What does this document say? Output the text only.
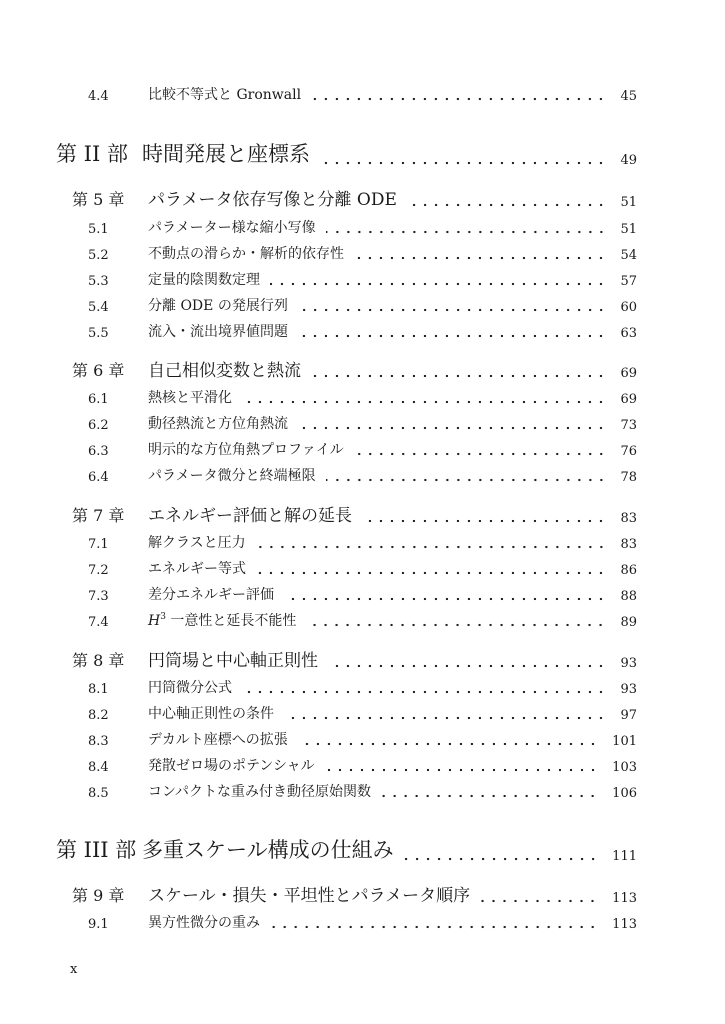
4.4	比較不等式と Gronwall	45
第 II 部 時間発展と座標系	49
第 5 章 パラメータ依存写像と分離 ODE	51
5.1	パラメーター様な縮小写像	51
5.2	不動点の滑らか・解析的依存性	54
5.3	定量的陰関数定理	57
5.4	分離 ODE の発展行列	60
5.5	流入・流出境界値問題	63
第 6 章 自己相似変数と熱流	69
6.1	熱核と平滑化	69
6.2	動径熱流と方位角熱流	73
6.3	明示的な方位角熱プロファイル	76
6.4	パラメータ微分と終端極限	78
第 7 章 エネルギー評価と解の延長	83
7.1	解クラスと圧力	83
7.2	エネルギー等式	86
7.3	差分エネルギー評価	88
7.4	$H^3$ 一意性と延長不能性	89
第 8 章 円筒場と中心軸正則性	93
8.1	円筒微分公式	93
8.2	中心軸正則性の条件	97
8.3	デカルト座標への拡張	101
8.4	発散ゼロ場のポテンシャル	103
8.5	コンパクトな重み付き動径原始関数	106
第 III 部 多重スケール構成の仕組み	111
第 9 章 スケール・損失・平坦性とパラメータ順序	113
9.1	異方性微分の重み	113
x
